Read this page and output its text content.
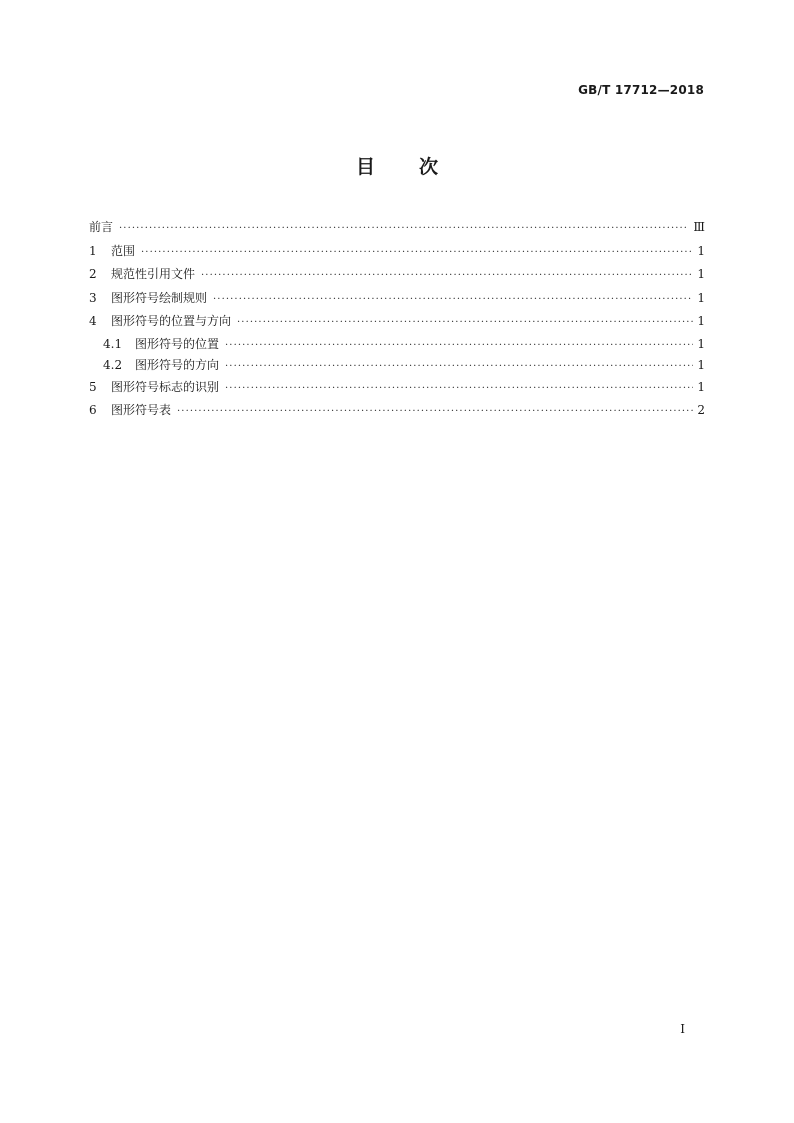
GB/T 17712—2018
目 次
前言 ·····	Ⅲ
1	范围 ·····	1
2	规范性引用文件 ·····	1
3	图形符号绘制规则 ·····	1
4	图形符号的位置与方向 ·····	1
4.1	图形符号的位置 ·····	1
4.2	图形符号的方向 ·····	1
5	图形符号标志的识别 ·····	1
6	图形符号表 ·····	2
I
